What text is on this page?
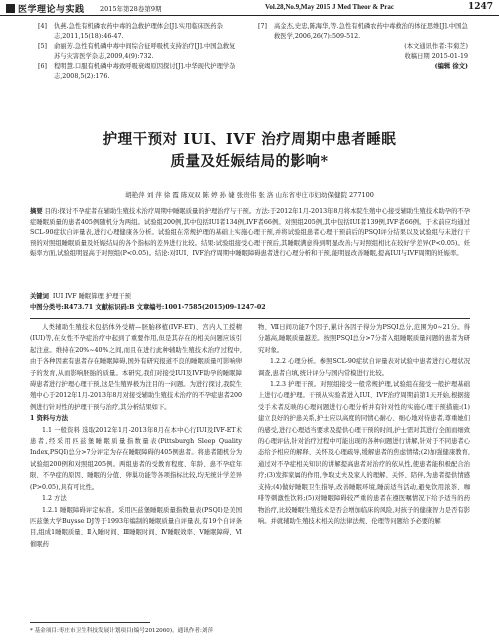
医学理论与实践 2015年第28卷第9期	Vol.28,No.9,May 2015 J Med Theor & Prac	1247
[4]	仇燕.急性有机磷农药中毒的急救护理体会[J].实用临床医药杂志,2011,15(18):46-47.
[5]	俞丽芳.急性有机磷中毒中间综合征呼吸机支持治疗[J].中国急救复苏与灾害医学杂志,2009,4(9):732.
[6]	程明慧.口服有机磷中毒致呼吸衰竭原因探讨[J].中华现代护理学杂志,2008,5(2):176.
[7]	高金杰,史忠,陈海华,等.急性有机磷农药中毒救治的体征思维[J].中国急救医学,2006,26(7):509-512.
(本文通讯作者:韦菊芝)
收稿日期 2015-01-19
(编辑 徐文)
护理干预对 IUI、IVF 治疗周期中患者睡眠
质量及妊娠结局的影响*
胡艳萍 刘 萍 徐 霞 陈双双 陈 婷 孙 婕 张贵伟 张 洛 山东省枣庄市妇幼保健院 277100
摘要 目的:探讨不孕症者在辅助生殖技术治疗周期中睡眠质量的护理治疗与干预。方法:于2012年1月-2013年8月将本院生殖中心接受辅助生殖技术助孕的不孕症睡眠质量的患者405例随机分为两组。试验组200例,其中包括IUI者134例,IVF者66例。对照组205例,其中包括IUI者139例,IVF者66例。于术前应均通过SCL-90症状自评量表,进行心理健康各分析。试验组在常规护理的基础上实施心理干预,并将试验组患者心理干预前后的PSQI评分结果以及试验组与未进行干预的对照组睡眠质量及妊娠结局的各个指标的差异进行比较。结果:试验组接受心理干预后,其睡眠满意得到明显改善;与对照组相比在较好学差异(P<0.05)。妊娠率方面,试验组明显高于对照组(P<0.05)。结论:对IUI、IVF治疗周期中睡眠障碍患者进行心理分析和干预,能明显改善睡眠,提高IUI与IVF周期的妊娠率。
关键词 IUI IVF 睡眠算理 护理干预
中图分类号:R473.71 文献标识码:B 文章编号:1001-7585(2015)09-1247-02

人类辅助生殖技术包括体外受精—胚胎移植(IVF-ET)、宫内人工授精(IUI)等,在女性不孕症治疗中起到了重要作用,但是其存在的相关问题应该引起注意。维持在20%~40%之间,而且在进行此种辅助生殖技术治疗过程中,由于各种因素有患者存在睡眠障碍,国外有研究报道不良的睡眠质量可影响卵子的发育,从而影响胚胎的质量。本研究,我们对接受IUI及IVF助孕的睡眠障碍患者进行护理心理干预,这是生殖界极为注目的一问题。为进行探讨,我院生殖中心于2012年1月-2013年8月对接受辅助生殖技术治疗的不孕症患者200例进行针对性的护理干预与治疗,其分析结果如下。

1 资料与方法

1.1 一般资料 选取2012年1月-2013年8月在本中心行IUI及IVF-ET术患者,经采用匹兹堡睡眠质量指数量表(Pittsburgh Sleep Quality Index,PSQI)总分>7分评定为存在睡眠障碍的405例患者。将患者随机分为试验组200例和对照组205例。两组患者的受教育程度、年龄、患不孕症年限、不孕症的原因、睡眠的分值、卵巢功能等各项指标比较,均无统计学差异(P>0.05),具有可比性。

1.2 方法

1.2.1 睡眠障碍评定标准。采用匹兹堡睡眠质量指数量表(PSQI)是美国匹兹堡大学Buysse DJ等于1993年编制的睡眠质量自评量表,有19个自评条目,组成1睡眠质量、Ⅱ入睡时间、Ⅲ睡眠时间、Ⅳ睡眠效率、Ⅴ睡眠障碍、Ⅵ催眠药

物、Ⅶ日间功能7个因子,累计各因子得分为PSQI总分,范围为0~21分。得分越高,睡眠质量越差。按照PSQI总分>7分者入组睡眠质量问题的患者为研究对象。

1.2.2 心理分析。参照SCL-90症状自评量表对试验中患者进行心理状况调查,患者自填,统计评分与国内常模进行比较。

1.2.3 护理干预。对照组接受一般常规护理,试验组在接受一般护理基础上进行心理护理。干预从实验者进入IUI、IVF治疗周期前第1天开始,根据接受手术者反映的心理问题进行心理分析并有针对性的实施心理干预措施:(1)建立良好的护患关系,护士应以高度的同情心耐心、细心地对待患者,尊重她们的感受,进行心理适当要求及提供心理干预的时间,护士需对其进行全面而细致的心理评估,针对治疗过程中可能出现的各种问题进行讲解,针对于不同患者心态给予相应的解释、关怀及心理疏导,缓解患者的焦虑情绪;(2)加强健康教育,通过对不孕症相关知识的讲解提高患者对治疗的依从性,使患者能积极配合治疗;(3)发挥家属的作用,争取丈夫及家人的理解、关怀、陪伴,为患者提供情感支持;(4)做好睡眠卫生指导,改善睡眠环境,睡前适当活动,避免饮用浓茶、咖啡等刺激性饮料;(5)对睡眠障碍较严重的患者在遵医嘱情况下给予适当的药物治疗,比较睡眠生殖技术是否会增加临床的风险,对孩子的健康智力是否有影响。并就辅助生殖技术相关的法律法规、伦理等问题给予必要的解

* 基金项目:枣庄市卫生科技发展计划项目(编号2012060)。通讯作者:刘萍
